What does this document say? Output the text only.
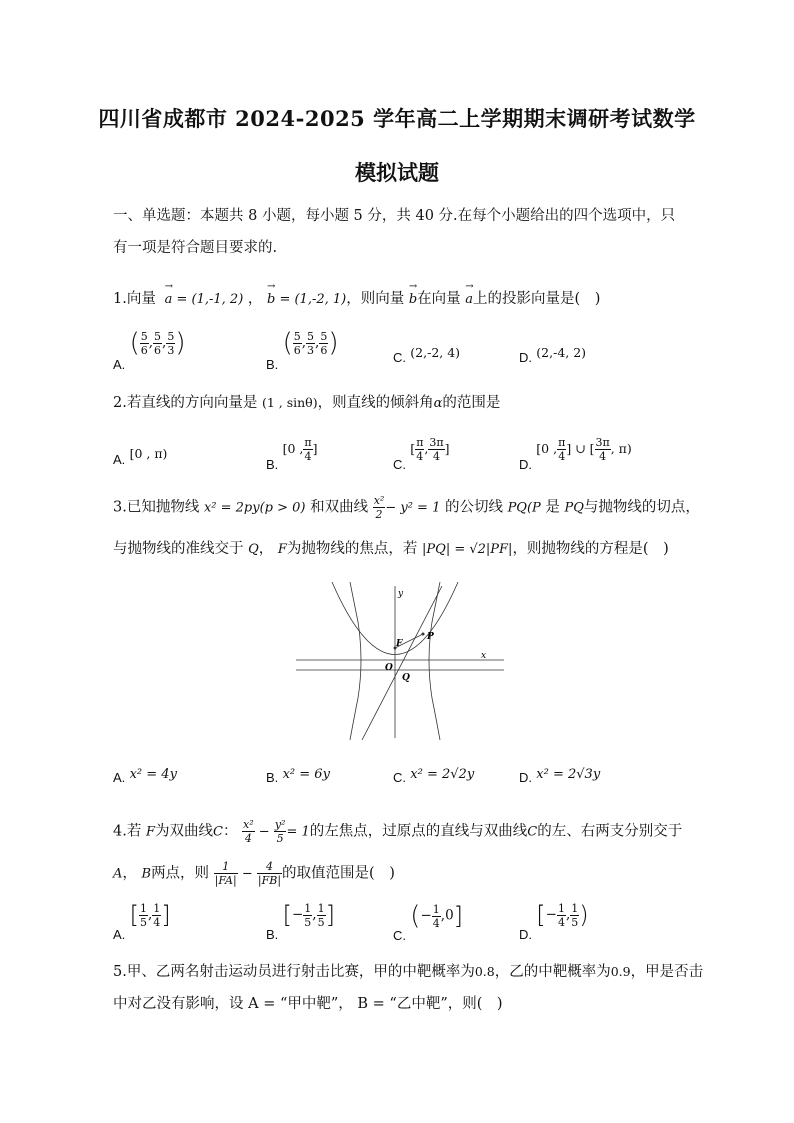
四川省成都市 2024-2025 学年高二上学期期末调研考试数学
模拟试题
一、单选题：本题共 8 小题，每小题 5 分，共 40 分.在每个小题给出的四个选项中，只有一项是符合题目要求的.
1.向量 → a = (1,-1, 2) ， → b = (1,-2, 1)，则向量 → b在向量 → a上的投影向量是(　)
A. ( $\frac{5}{6}$ , $\frac{5}{6}$ , $\frac{5}{3}$ )
B. ( $\frac{5}{6}$ , $\frac{5}{3}$ , $\frac{5}{6}$ )	C. (2,-2, 4)	D. (2,-4, 2)
2.若直线的方向向量是 (1 , sinθ)，则直线的倾斜角α的范围是
A. [0 , π)
B. [0 , $\frac{\pi}{4}$ ]
C. [ $\frac{\pi}{4}$ , $\frac{3\pi}{4}$ ]
D. [0 , $\frac{\pi}{4}$ ] ∪ [ $\frac{3\pi}{4}$ , π)
3.已知抛物线 x² = 2py(p > 0) 和双曲线 $\frac{\text{x²}}{2} - y^2 = 1$ 的公切线 PQ(P 是 PQ与抛物线的切点，
与抛物线的准线交于 Q， F为抛物线的焦点，若 |PQ| = √2|PF|，则抛物线的方程是(　)
x
y
P
F
O
Q
A. x² = 4y	B. x² = 6y	C. x² = 2√2y	D. x² = 2√3y
4.若 F为双曲线C： $\frac{\text{x²}}{4} - \frac{\text{y²}}{5} = 1$的左焦点，过原点的直线与双曲线C的左、右两支分别交于
A， B两点，则 $\frac{1}{|FA|} - \frac{4}{|FB|}$ 的取值范围是(　)
A. [ $\frac{1}{5}$ , $\frac{1}{4}$ ]
B. [− $\frac{1}{5}$ , $\frac{1}{5}$ ]
C. (− $\frac{1}{4} ,0$]
D. [− $\frac{1}{4}$ , $\frac{1}{5}$ )
5.甲、乙两名射击运动员进行射击比赛，甲的中靶概率为0.8，乙的中靶概率为0.9，甲是否击
中对乙没有影响，设 A = “甲中靶”， B = “乙中靶”，则(　)
